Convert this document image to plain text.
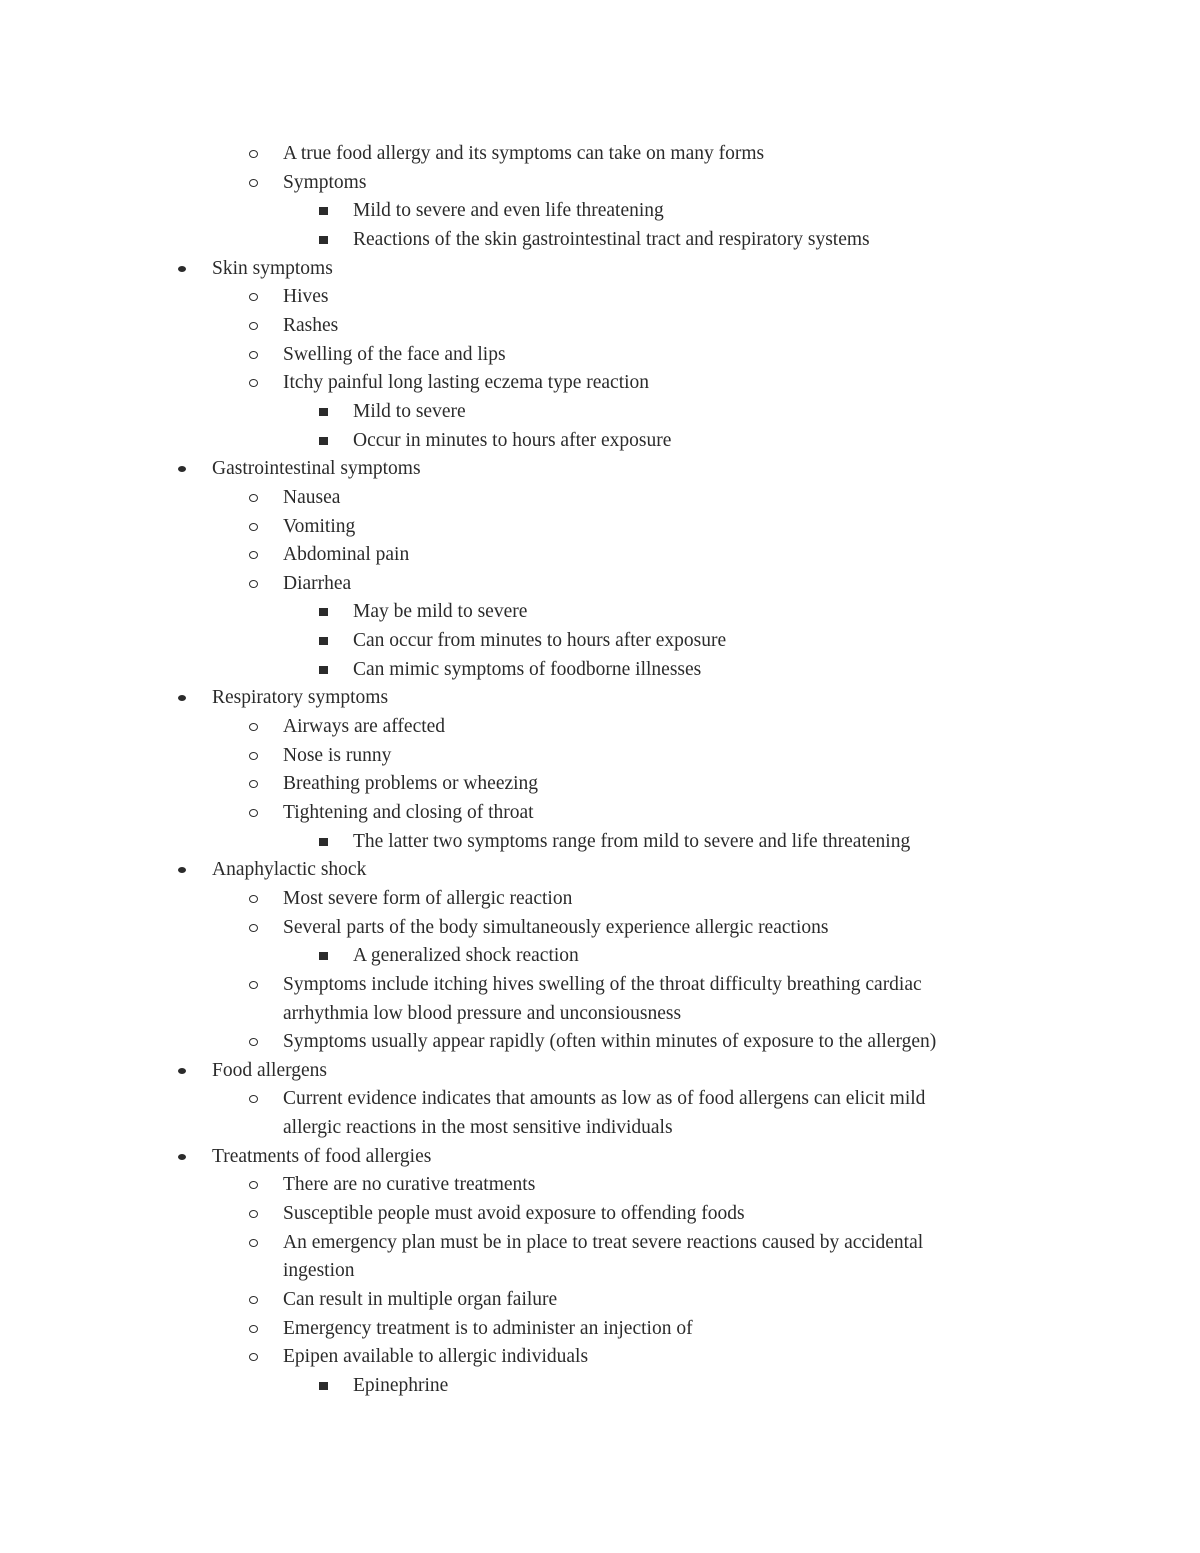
A true food allergy and its symptoms can take on many forms
Symptoms
Mild to severe and even life threatening
Reactions of the skin gastrointestinal tract and respiratory systems
Skin symptoms
Hives
Rashes
Swelling of the face and lips
Itchy painful long lasting eczema type reaction
Mild to severe
Occur in minutes to hours after exposure
Gastrointestinal symptoms
Nausea
Vomiting
Abdominal pain
Diarrhea
May be mild to severe
Can occur from minutes to hours after exposure
Can mimic symptoms of foodborne illnesses
Respiratory symptoms
Airways are affected
Nose is runny
Breathing problems or wheezing
Tightening and closing of throat
The latter two symptoms range from mild to severe and life threatening
Anaphylactic shock
Most severe form of allergic reaction
Several parts of the body simultaneously experience allergic reactions
A generalized shock reaction
Symptoms include itching hives swelling of the throat difficulty breathing cardiac
arrhythmia low blood pressure and unconsiousness
Symptoms usually appear rapidly (often within minutes of exposure to the allergen)
Food allergens
Current evidence indicates that amounts as low as of food allergens can elicit mild
allergic reactions in the most sensitive individuals
Treatments of food allergies
There are no curative treatments
Susceptible people must avoid exposure to offending foods
An emergency plan must be in place to treat severe reactions caused by accidental
ingestion
Can result in multiple organ failure
Emergency treatment is to administer an injection of
Epipen available to allergic individuals
Epinephrine
